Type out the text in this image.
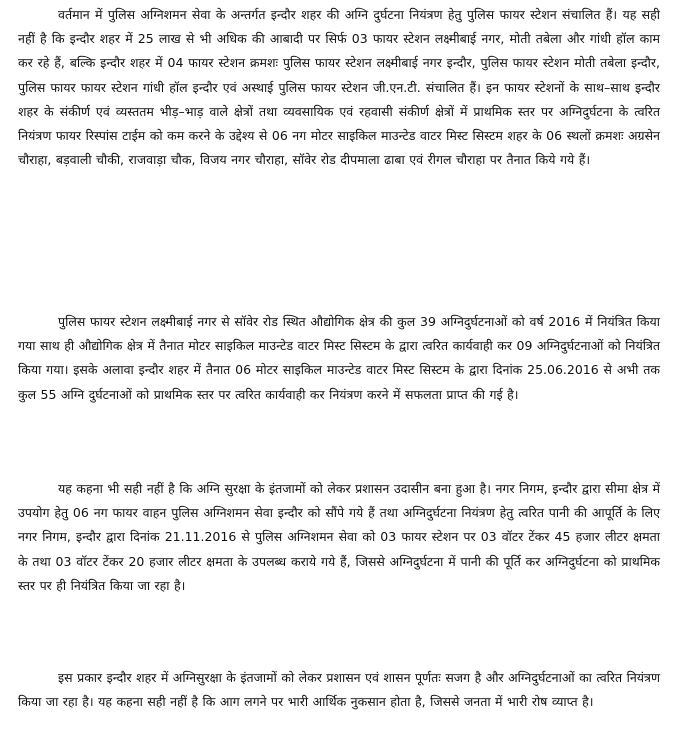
वर्तमान में पुलिस अग्निशमन सेवा के अन्तर्गत इन्दौर शहर की अग्नि दुर्घटना नियंत्रण हेतु पुलिस फायर स्टेशन संचालित हैं। यह सही नहीं है कि इन्दौर शहर में 25 लाख से भी अधिक की आबादी पर सिर्फ 03 फायर स्टेशन लक्ष्मीबाई नगर, मोती तबेला और गांधी हॉल काम कर रहे हैं, बल्कि इन्दौर शहर में 04 फायर स्टेशन क्रमशः पुलिस फायर स्टेशन लक्ष्मीबाई नगर इन्दौर, पुलिस फायर स्टेशन मोती तबेला इन्दौर, पुलिस फायर फायर स्टेशन गांधी हॉल इन्दौर एवं अस्थाई पुलिस फायर स्टेशन जी.एन.टी. संचालित हैं। इन फायर स्टेशनों के साथ–साथ इन्दौर शहर के संकीर्ण एवं व्यस्ततम भीड़–भाड़ वाले क्षेत्रों तथा व्यवसायिक एवं रहवासी संकीर्ण क्षेत्रों में प्राथमिक स्तर पर अग्निदुर्घटना के त्वरित नियंत्रण फायर रिस्पांस टाईम को कम करने के उद्देश्य से 06 नग मोटर साइकिल माउन्टेड वाटर मिस्ट सिस्टम शहर के 06 स्थलों क्रमशः अग्रसेन चौराहा, बड़वाली चौकी, राजवाड़ा चौक, विजय नगर चौराहा, सॉवेर रोड दीपमाला ढाबा एवं रीगल चौराहा पर तैनात किये गये हैं।

पुलिस फायर स्टेशन लक्ष्मीबाई नगर से सॉवेर रोड स्थित औद्योगिक क्षेत्र की कुल 39 अग्निदुर्घटनाओं को वर्ष 2016 में नियंत्रित किया गया साथ ही औद्योगिक क्षेत्र में तैनात मोटर साइकिल माउन्टेड वाटर मिस्ट सिस्टम के द्वारा त्वरित कार्यवाही कर 09 अग्निदुर्घटनाओं को नियंत्रित किया गया। इसके अलावा इन्दौर शहर में तैनात 06 मोटर साइकिल माउन्टेड वाटर मिस्ट सिस्टम के द्वारा दिनांक 25.06.2016 से अभी तक कुल 55 अग्नि दुर्घटनाओं को प्राथमिक स्तर पर त्वरित कार्यवाही कर नियंत्रण करने में सफलता प्राप्त की गई है।

यह कहना भी सही नहीं है कि अग्नि सुरक्षा के इंतजामों को लेकर प्रशासन उदासीन बना हुआ है। नगर निगम, इन्दौर द्वारा सीमा क्षेत्र में उपयोग हेतु 06 नग फायर वाहन पुलिस अग्निशमन सेवा इन्दौर को सौंपे गये हैं तथा अग्निदुर्घटना नियंत्रण हेतु त्वरित पानी की आपूर्ति के लिए नगर निगम, इन्दौर द्वारा दिनांक 21.11.2016 से पुलिस अग्निशमन सेवा को 03 फायर स्टेशन पर 03 वॉटर टेंकर 45 हजार लीटर क्षमता के तथा 03 वॉटर टेंकर 20 हजार लीटर क्षमता के उपलब्ध कराये गये हैं, जिससे अग्निदुर्घटना में पानी की पूर्ति कर अग्निदुर्घटना को प्राथमिक स्तर पर ही नियंत्रित किया जा रहा है।

इस प्रकार इन्दौर शहर में अग्निसुरक्षा के इंतजामों को लेकर प्रशासन एवं शासन पूर्णतः सजग है और अग्निदुर्घटनाओं का त्वरित नियंत्रण किया जा रहा है। यह कहना सही नहीं है कि आग लगने पर भारी आर्थिक नुकसान होता है, जिससे जनता में भारी रोष व्याप्त है।
